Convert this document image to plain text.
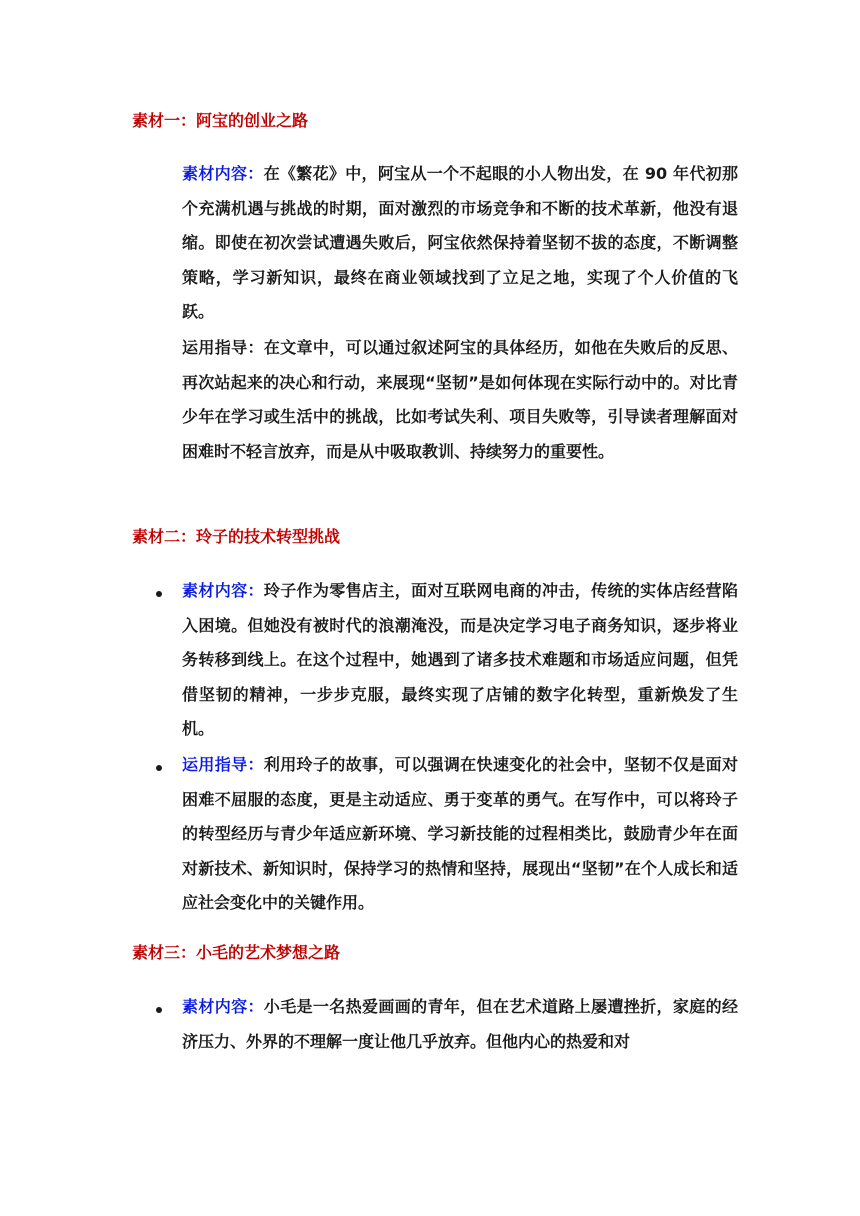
素材一：阿宝的创业之路

素材内容：在《繁花》中，阿宝从一个不起眼的小人物出发，在 90 年代初那个充满机遇与挑战的时期，面对激烈的市场竞争和不断的技术革新，他没有退缩。即使在初次尝试遭遇失败后，阿宝依然保持着坚韧不拔的态度，不断调整策略，学习新知识，最终在商业领域找到了立足之地，实现了个人价值的飞跃。

运用指导：在文章中，可以通过叙述阿宝的具体经历，如他在失败后的反思、再次站起来的决心和行动，来展现“坚韧”是如何体现在实际行动中的。对比青少年在学习或生活中的挑战，比如考试失利、项目失败等，引导读者理解面对困难时不轻言放弃，而是从中吸取教训、持续努力的重要性。

素材二：玲子的技术转型挑战

素材内容：玲子作为零售店主，面对互联网电商的冲击，传统的实体店经营陷入困境。但她没有被时代的浪潮淹没，而是决定学习电子商务知识，逐步将业务转移到线上。在这个过程中，她遇到了诸多技术难题和市场适应问题，但凭借坚韧的精神，一步步克服，最终实现了店铺的数字化转型，重新焕发了生机。

运用指导：利用玲子的故事，可以强调在快速变化的社会中，坚韧不仅是面对困难不屈服的态度，更是主动适应、勇于变革的勇气。在写作中，可以将玲子的转型经历与青少年适应新环境、学习新技能的过程相类比，鼓励青少年在面对新技术、新知识时，保持学习的热情和坚持，展现出“坚韧”在个人成长和适应社会变化中的关键作用。

素材三：小毛的艺术梦想之路

素材内容：小毛是一名热爱画画的青年，但在艺术道路上屡遭挫折，家庭的经济压力、外界的不理解一度让他几乎放弃。但他内心的热爱和对
